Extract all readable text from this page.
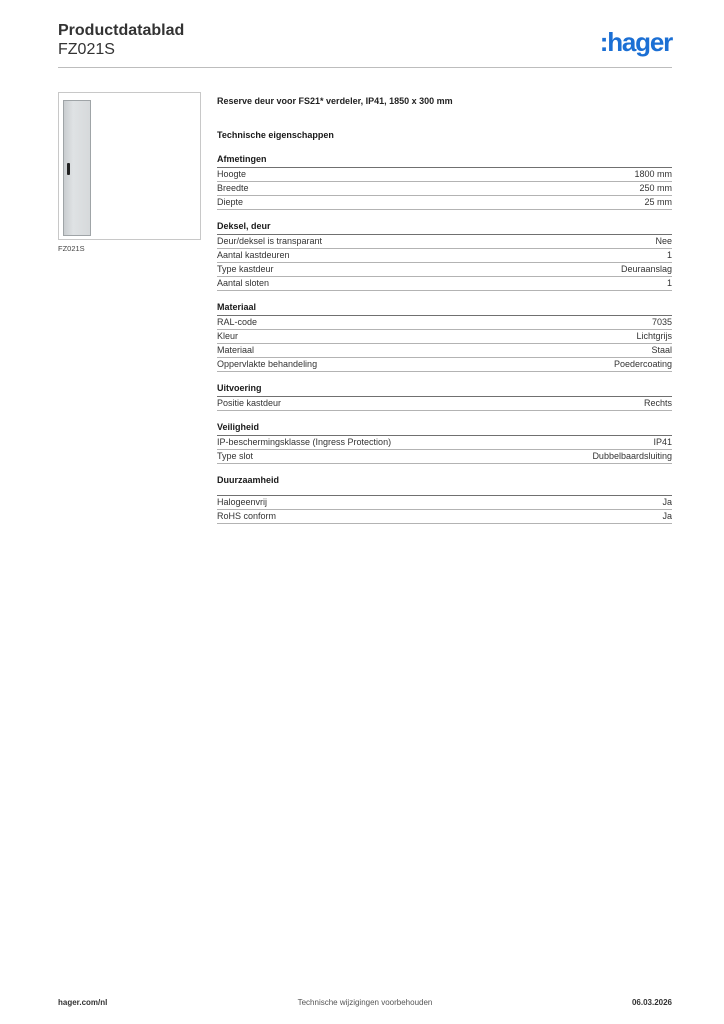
Productdatablad
FZ021S	:hager
FZ021S
Reserve deur voor FS21* verdeler, IP41, 1850 x 300 mm
Technische eigenschappen
Afmetingen
Hoogte	1800 mm
Breedte	250 mm
Diepte	25 mm
Deksel, deur
Deur/deksel is transparant	Nee
Aantal kastdeuren	1
Type kastdeur	Deuraanslag
Aantal sloten	1
Materiaal
RAL-code	7035
Kleur	Lichtgrijs
Materiaal	Staal
Oppervlakte behandeling	Poedercoating
Uitvoering
Positie kastdeur	Rechts
Veiligheid
IP-beschermingsklasse (Ingress Protection)	IP41
Type slot	Dubbelbaardsluiting
Duurzaamheid
Halogeenvrij	Ja
RoHS conform	Ja
hager.com/nl	Technische wijzigingen voorbehouden	06.03.2026
